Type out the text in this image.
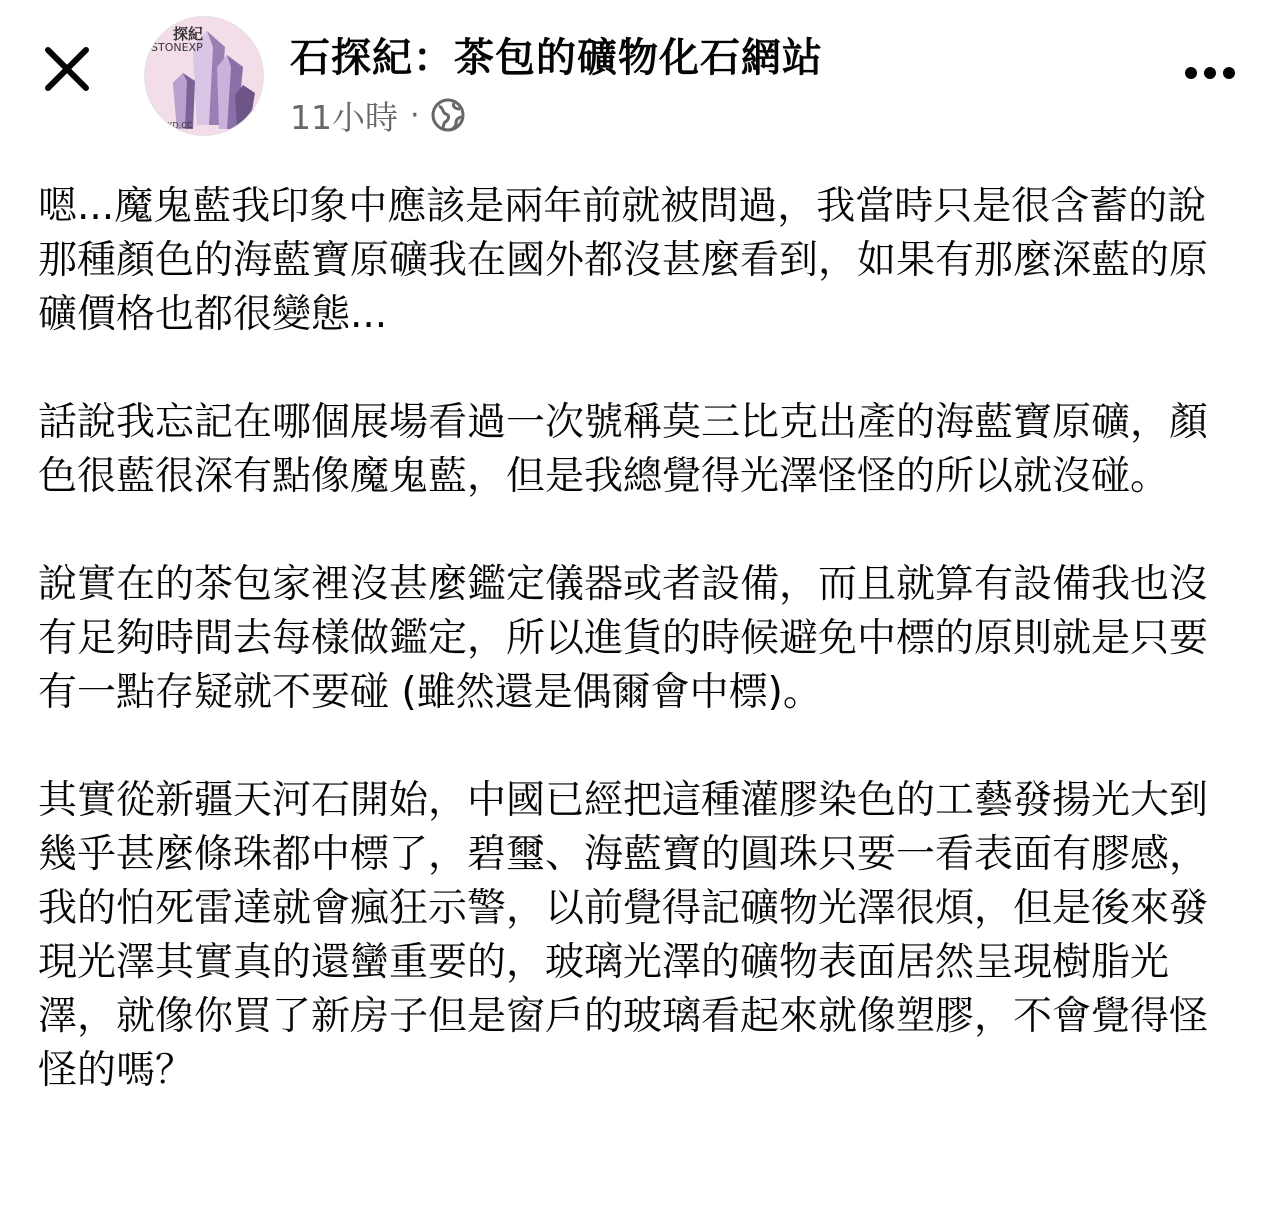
探紀
STONEXP
XD.CC
石探紀：茶包的礦物化石網站
11小時 ·

嗯...魔鬼藍我印象中應該是兩年前就被問過，我當時只是很含蓄的說那種顏色的海藍寶原礦我在國外都沒甚麼看到，如果有那麼深藍的原礦價格也都很變態...

話說我忘記在哪個展場看過一次號稱莫三比克出產的海藍寶原礦，顏色很藍很深有點像魔鬼藍，但是我總覺得光澤怪怪的所以就沒碰。

說實在的茶包家裡沒甚麼鑑定儀器或者設備，而且就算有設備我也沒有足夠時間去每樣做鑑定，所以進貨的時候避免中標的原則就是只要有一點存疑就不要碰 (雖然還是偶爾會中標)。

其實從新疆天河石開始，中國已經把這種灌膠染色的工藝發揚光大到幾乎甚麼條珠都中標了，碧璽、海藍寶的圓珠只要一看表面有膠感，我的怕死雷達就會瘋狂示警，以前覺得記礦物光澤很煩，但是後來發現光澤其實真的還蠻重要的，玻璃光澤的礦物表面居然呈現樹脂光澤，就像你買了新房子但是窗戶的玻璃看起來就像塑膠，不會覺得怪怪的嗎？
